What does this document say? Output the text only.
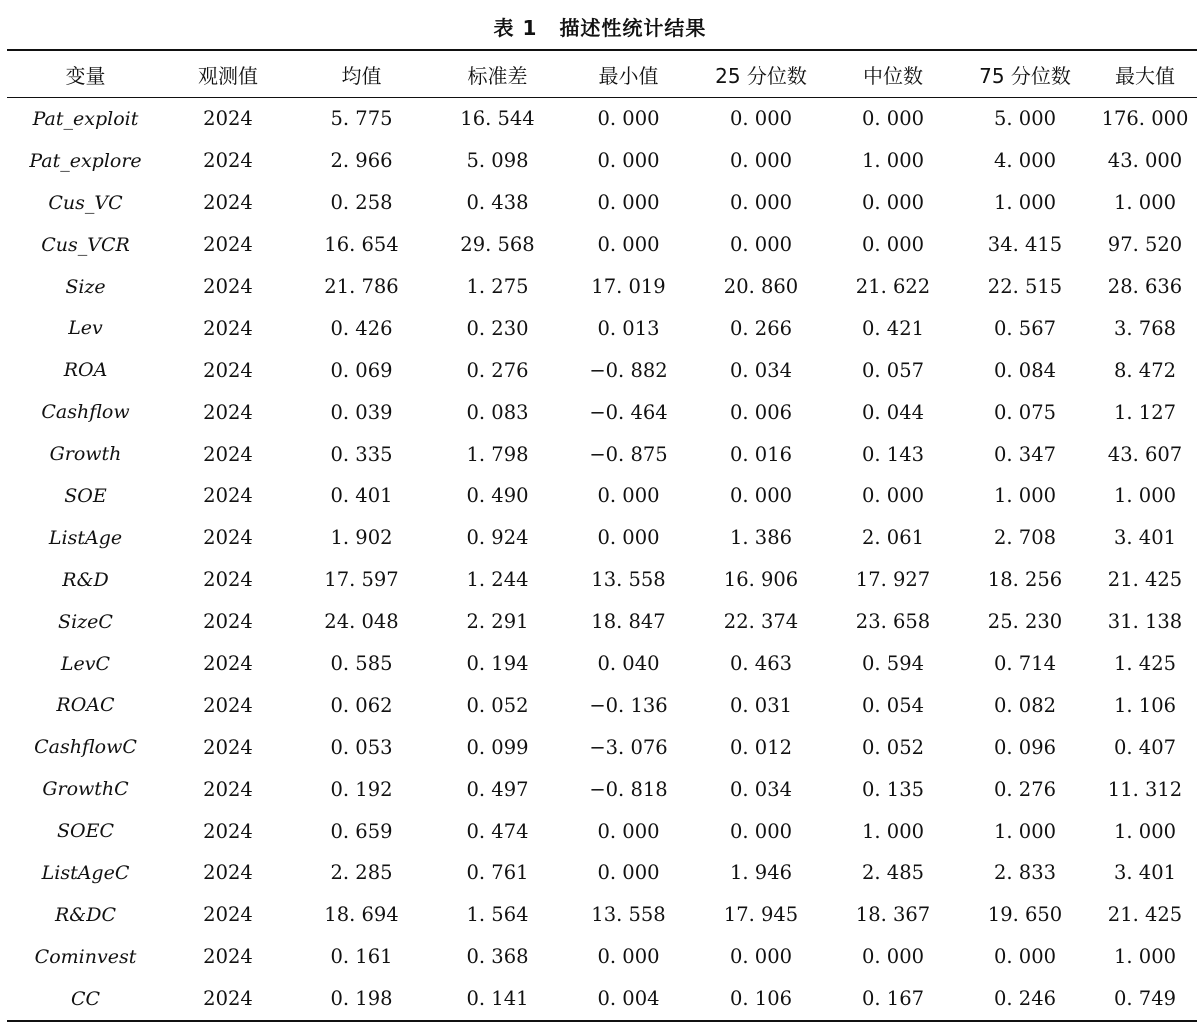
表 1 描述性统计结果
变量	观测值	均值	标准差	最小值	25 分位数	中位数	75 分位数	最大值
Pat_exploit	2024	5. 775	16. 544	0. 000	0. 000	0. 000	5. 000	176. 000
Pat_explore	2024	2. 966	5. 098	0. 000	0. 000	1. 000	4. 000	43. 000
Cus_VC	2024	0. 258	0. 438	0. 000	0. 000	0. 000	1. 000	1. 000
Cus_VCR	2024	16. 654	29. 568	0. 000	0. 000	0. 000	34. 415	97. 520
Size	2024	21. 786	1. 275	17. 019	20. 860	21. 622	22. 515	28. 636
Lev	2024	0. 426	0. 230	0. 013	0. 266	0. 421	0. 567	3. 768
ROA	2024	0. 069	0. 276	−0. 882	0. 034	0. 057	0. 084	8. 472
Cashflow	2024	0. 039	0. 083	−0. 464	0. 006	0. 044	0. 075	1. 127
Growth	2024	0. 335	1. 798	−0. 875	0. 016	0. 143	0. 347	43. 607
SOE	2024	0. 401	0. 490	0. 000	0. 000	0. 000	1. 000	1. 000
ListAge	2024	1. 902	0. 924	0. 000	1. 386	2. 061	2. 708	3. 401
R&D	2024	17. 597	1. 244	13. 558	16. 906	17. 927	18. 256	21. 425
SizeC	2024	24. 048	2. 291	18. 847	22. 374	23. 658	25. 230	31. 138
LevC	2024	0. 585	0. 194	0. 040	0. 463	0. 594	0. 714	1. 425
ROAC	2024	0. 062	0. 052	−0. 136	0. 031	0. 054	0. 082	1. 106
CashflowC	2024	0. 053	0. 099	−3. 076	0. 012	0. 052	0. 096	0. 407
GrowthC	2024	0. 192	0. 497	−0. 818	0. 034	0. 135	0. 276	11. 312
SOEC	2024	0. 659	0. 474	0. 000	0. 000	1. 000	1. 000	1. 000
ListAgeC	2024	2. 285	0. 761	0. 000	1. 946	2. 485	2. 833	3. 401
R&DC	2024	18. 694	1. 564	13. 558	17. 945	18. 367	19. 650	21. 425
Cominvest	2024	0. 161	0. 368	0. 000	0. 000	0. 000	0. 000	1. 000
CC	2024	0. 198	0. 141	0. 004	0. 106	0. 167	0. 246	0. 749
